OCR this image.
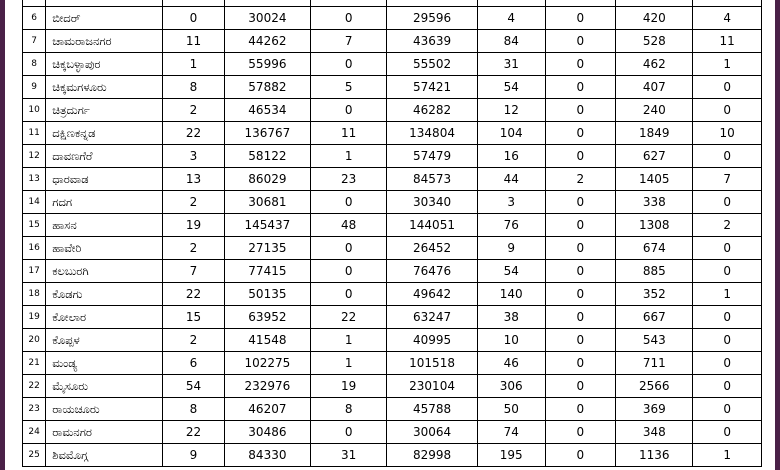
6	ಬೀದರ್	0	30024	0	29596	4	0	420	4
7	ಚಾಮರಾಜನಗರ	11	44262	7	43639	84	0	528	11
8	ಚಿಕ್ಕಬಳ್ಳಾಪುರ	1	55996	0	55502	31	0	462	1
9	ಚಿಕ್ಕಮಗಳೂರು	8	57882	5	57421	54	0	407	0
10	ಚಿತ್ರದುರ್ಗ	2	46534	0	46282	12	0	240	0
11	ದಕ್ಷಿಣಕನ್ನಡ	22	136767	11	134804	104	0	1849	10
12	ದಾವಣಗೆರೆ	3	58122	1	57479	16	0	627	0
13	ಧಾರವಾಡ	13	86029	23	84573	44	2	1405	7
14	ಗದಗ	2	30681	0	30340	3	0	338	0
15	ಹಾಸನ	19	145437	48	144051	76	0	1308	2
16	ಹಾವೇರಿ	2	27135	0	26452	9	0	674	0
17	ಕಲಬುರಗಿ	7	77415	0	76476	54	0	885	0
18	ಕೊಡಗು	22	50135	0	49642	140	0	352	1
19	ಕೋಲಾರ	15	63952	22	63247	38	0	667	0
20	ಕೊಪ್ಪಳ	2	41548	1	40995	10	0	543	0
21	ಮಂಡ್ಯ	6	102275	1	101518	46	0	711	0
22	ಮೈಸೂರು	54	232976	19	230104	306	0	2566	0
23	ರಾಯಚೂರು	8	46207	8	45788	50	0	369	0
24	ರಾಮನಗರ	22	30486	0	30064	74	0	348	0
25	ಶಿವಮೊಗ್ಗ	9	84330	31	82998	195	0	1136	1
